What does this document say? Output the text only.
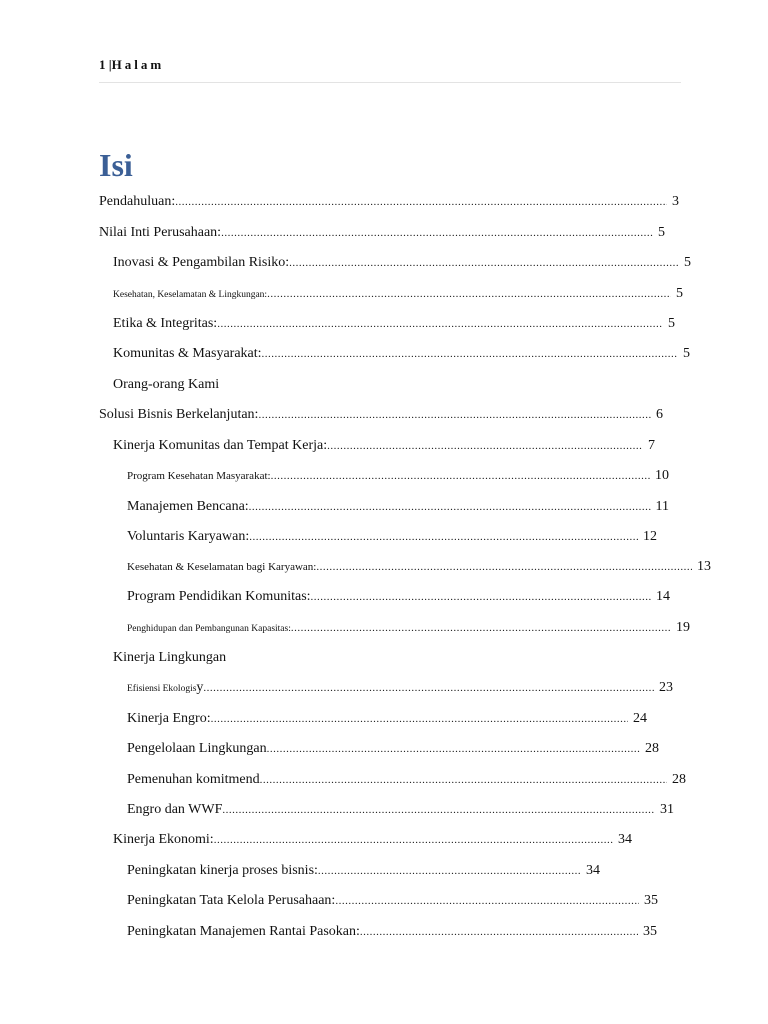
1 |Halam
Isi
Pendahuluan: .....	3
Nilai Inti Perusahaan: .....	5
Inovasi & Pengambilan Risiko: .....	5
Kesehatan, Keselamatan & Lingkungan: .....	5
Etika & Integritas: .....	5
Komunitas & Masyarakat: .....	5
Orang-orang Kami
Solusi Bisnis Berkelanjutan: .....	6
Kinerja Komunitas dan Tempat Kerja: .....	7
Program Kesehatan Masyarakat: .....	10
Manajemen Bencana: .....	11
Voluntaris Karyawan: .....	12
Kesehatan & Keselamatan bagi Karyawan: .....	13
Program Pendidikan Komunitas: .....	14
Penghidupan dan Pembangunan Kapasitas: .....	19
Kinerja Lingkungan
Efisiensi Ekologisy .....	23
Kinerja Engro: .....	24
Pengelolaan Lingkungan .....	28
Pemenuhan komitmend .....	28
Engro dan WWF .....	31
Kinerja Ekonomi: .....	34
Peningkatan kinerja proses bisnis: .....	34
Peningkatan Tata Kelola Perusahaan: .....	35
Peningkatan Manajemen Rantai Pasokan: .....	35
